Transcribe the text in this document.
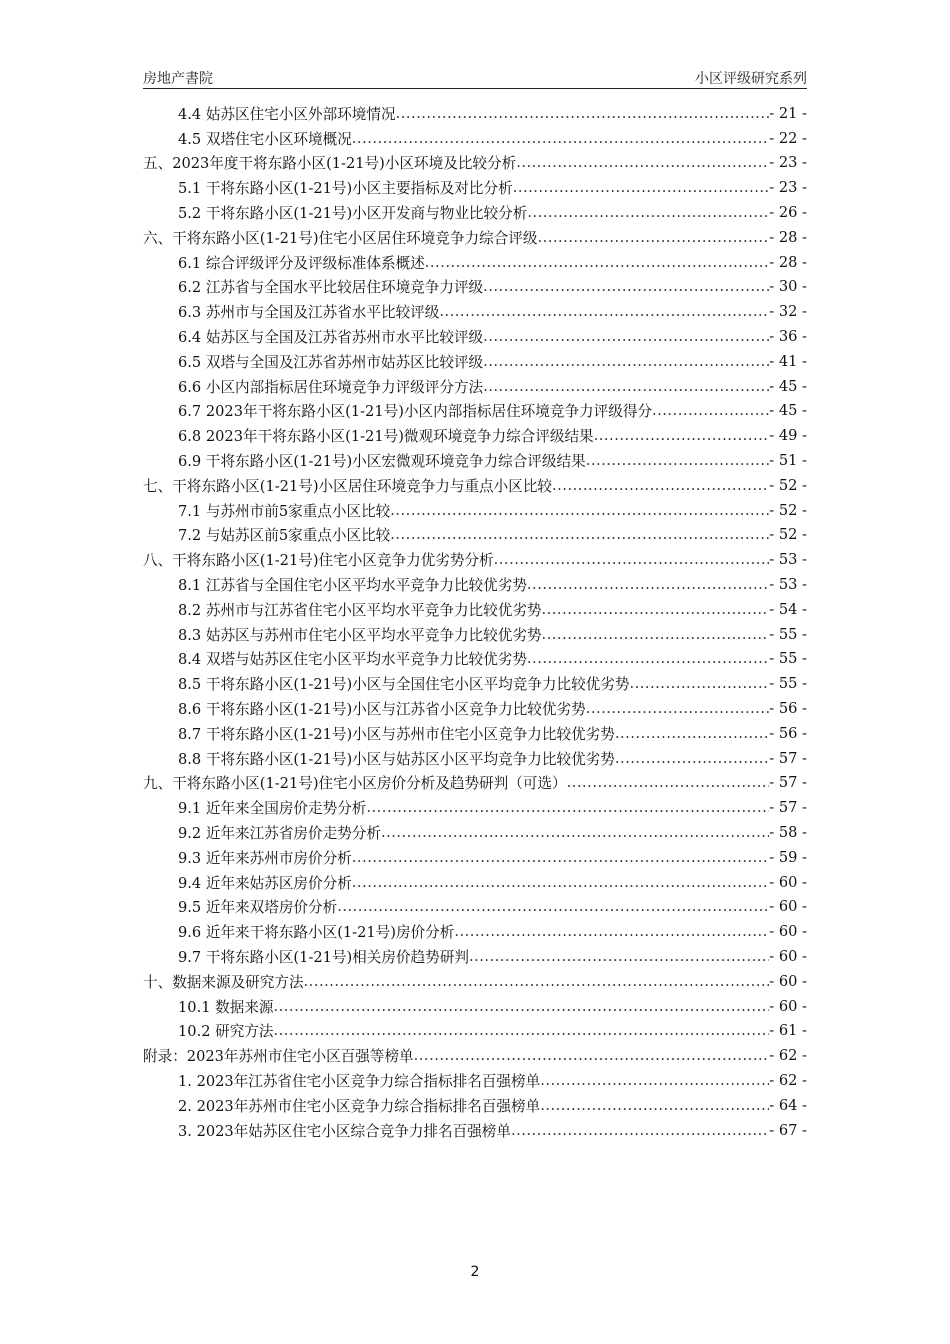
房地产書院	小区评级研究系列
4.4 姑苏区住宅小区外部环境情况 .....	- 21 -
4.5 双塔住宅小区环境概况 .....	- 22 -
五、2023年度干将东路小区(1-21号)小区环境及比较分析 .....	- 23 -
5.1 干将东路小区(1-21号)小区主要指标及对比分析 .....	- 23 -
5.2 干将东路小区(1-21号)小区开发商与物业比较分析 .....	- 26 -
六、干将东路小区(1-21号)住宅小区居住环境竞争力综合评级 .....	- 28 -
6.1 综合评级评分及评级标准体系概述 .....	- 28 -
6.2 江苏省与全国水平比较居住环境竞争力评级 .....	- 30 -
6.3 苏州市与全国及江苏省水平比较评级 .....	- 32 -
6.4 姑苏区与全国及江苏省苏州市水平比较评级 .....	- 36 -
6.5 双塔与全国及江苏省苏州市姑苏区比较评级 .....	- 41 -
6.6 小区内部指标居住环境竞争力评级评分方法 .....	- 45 -
6.7 2023年干将东路小区(1-21号)小区内部指标居住环境竞争力评级得分 .....	- 45 -
6.8 2023年干将东路小区(1-21号)微观环境竞争力综合评级结果 .....	- 49 -
6.9 干将东路小区(1-21号)小区宏微观环境竞争力综合评级结果 .....	- 51 -
七、干将东路小区(1-21号)小区居住环境竞争力与重点小区比较 .....	- 52 -
7.1 与苏州市前5家重点小区比较 .....	- 52 -
7.2 与姑苏区前5家重点小区比较 .....	- 52 -
八、干将东路小区(1-21号)住宅小区竞争力优劣势分析 .....	- 53 -
8.1 江苏省与全国住宅小区平均水平竞争力比较优劣势 .....	- 53 -
8.2 苏州市与江苏省住宅小区平均水平竞争力比较优劣势 .....	- 54 -
8.3 姑苏区与苏州市住宅小区平均水平竞争力比较优劣势 .....	- 55 -
8.4 双塔与姑苏区住宅小区平均水平竞争力比较优劣势 .....	- 55 -
8.5 干将东路小区(1-21号)小区与全国住宅小区平均竞争力比较优劣势 .....	- 55 -
8.6 干将东路小区(1-21号)小区与江苏省小区竞争力比较优劣势 .....	- 56 -
8.7 干将东路小区(1-21号)小区与苏州市住宅小区竞争力比较优劣势 .....	- 56 -
8.8 干将东路小区(1-21号)小区与姑苏区小区平均竞争力比较优劣势 .....	- 57 -
九、干将东路小区(1-21号)住宅小区房价分析及趋势研判（可选） .....	- 57 -
9.1 近年来全国房价走势分析 .....	- 57 -
9.2 近年来江苏省房价走势分析 .....	- 58 -
9.3 近年来苏州市房价分析 .....	- 59 -
9.4 近年来姑苏区房价分析 .....	- 60 -
9.5 近年来双塔房价分析 .....	- 60 -
9.6 近年来干将东路小区(1-21号)房价分析 .....	- 60 -
9.7 干将东路小区(1-21号)相关房价趋势研判 .....	- 60 -
十、数据来源及研究方法 .....	- 60 -
10.1 数据来源 .....	- 60 -
10.2 研究方法 .....	- 61 -
附录：2023年苏州市住宅小区百强等榜单 .....	- 62 -
1. 2023年江苏省住宅小区竞争力综合指标排名百强榜单 .....	- 62 -
2. 2023年苏州市住宅小区竞争力综合指标排名百强榜单 .....	- 64 -
3. 2023年姑苏区住宅小区综合竞争力排名百强榜单 .....	- 67 -
2
